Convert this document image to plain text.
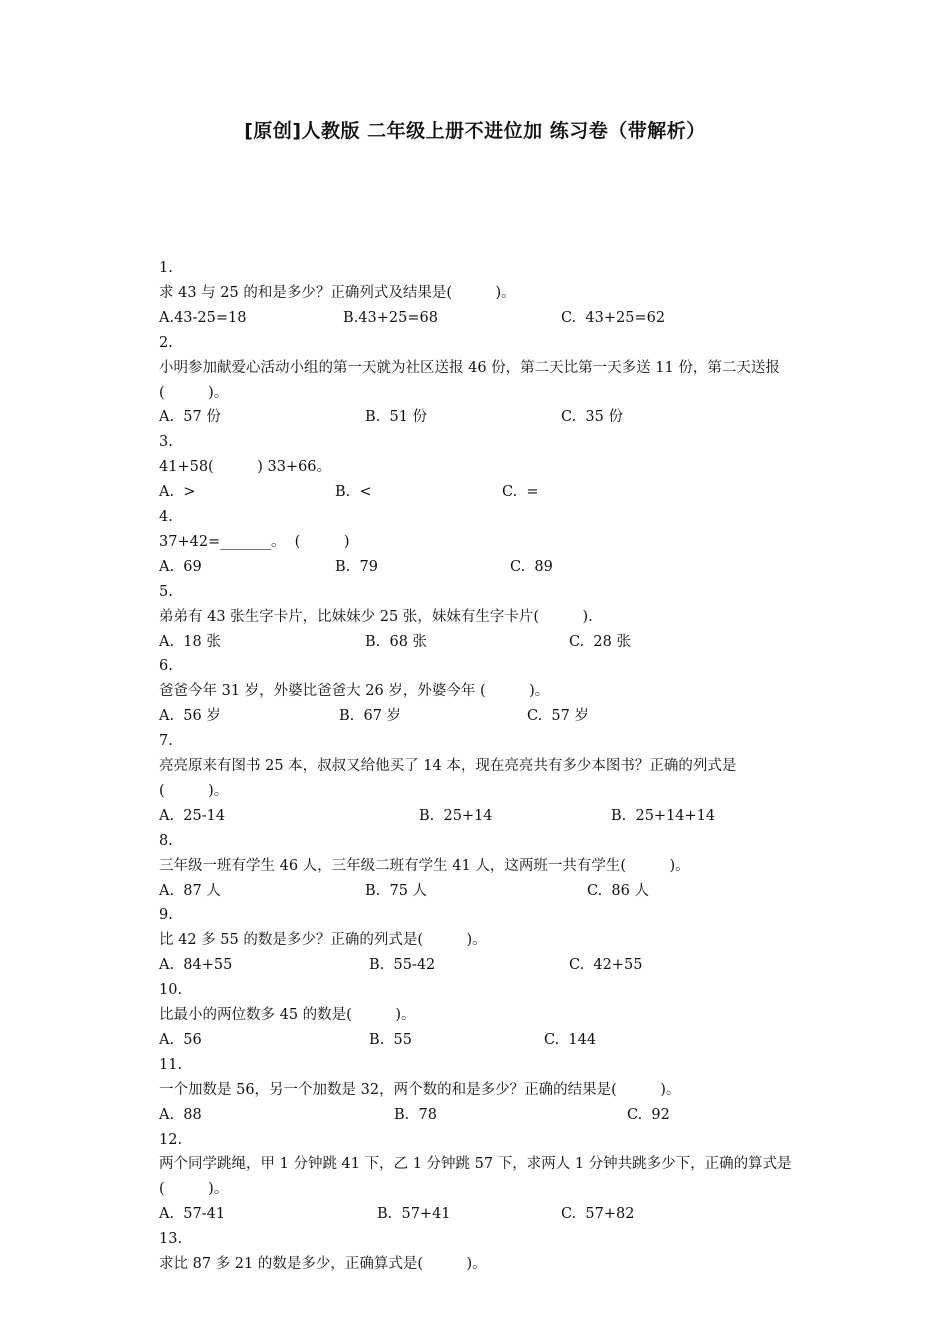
[原创]人教版 二年级上册不进位加 练习卷（带解析）

1.

求 43 与 25 的和是多少？正确列式及结果是(　　　)。

A.43-25=18	B.43+25=68	C.  43+25=62

2.

小明参加献爱心活动小组的第一天就为社区送报 46 份，第二天比第一天多送 11 份，第二天送报(　　　)。

A.  57 份	B.  51 份	C.  35 份

3.

41+58(　　　) 33+66。

A.  >	B.  <	C.  =

4.

37+42=_______。  (　　　)

A.  69	B.  79	C.  89

5.

弟弟有 43 张生字卡片，比妹妹少 25 张，妹妹有生字卡片(　　　).

A.  18 张	B.  68 张	C.  28 张

6.

爸爸今年 31 岁，外婆比爸爸大 26 岁，外婆今年 (　　　)。

A.  56 岁	B.  67 岁	C.  57 岁

7.

亮亮原来有图书 25 本，叔叔又给他买了 14 本，现在亮亮共有多少本图书？正确的列式是(　　　)。

A.  25-14	B.  25+14	B.  25+14+14

8.

三年级一班有学生 46 人，三年级二班有学生 41 人，这两班一共有学生(　　　)。

A.  87 人	B.  75 人	C.  86 人

9.

比 42 多 55 的数是多少？正确的列式是(　　　)。

A.  84+55	B.  55-42	C.  42+55

10.

比最小的两位数多 45 的数是(　　　)。

A.  56	B.  55	C.  144

11.

一个加数是 56，另一个加数是 32，两个数的和是多少？正确的结果是(　　　)。

A.  88	B.  78	C.  92

12.

两个同学跳绳，甲 1 分钟跳 41 下，乙 1 分钟跳 57 下，求两人 1 分钟共跳多少下，正确的算式是(　　　)。

A.  57-41	B.  57+41	C.  57+82

13.

求比 87 多 21 的数是多少，正确算式是(　　　)。
